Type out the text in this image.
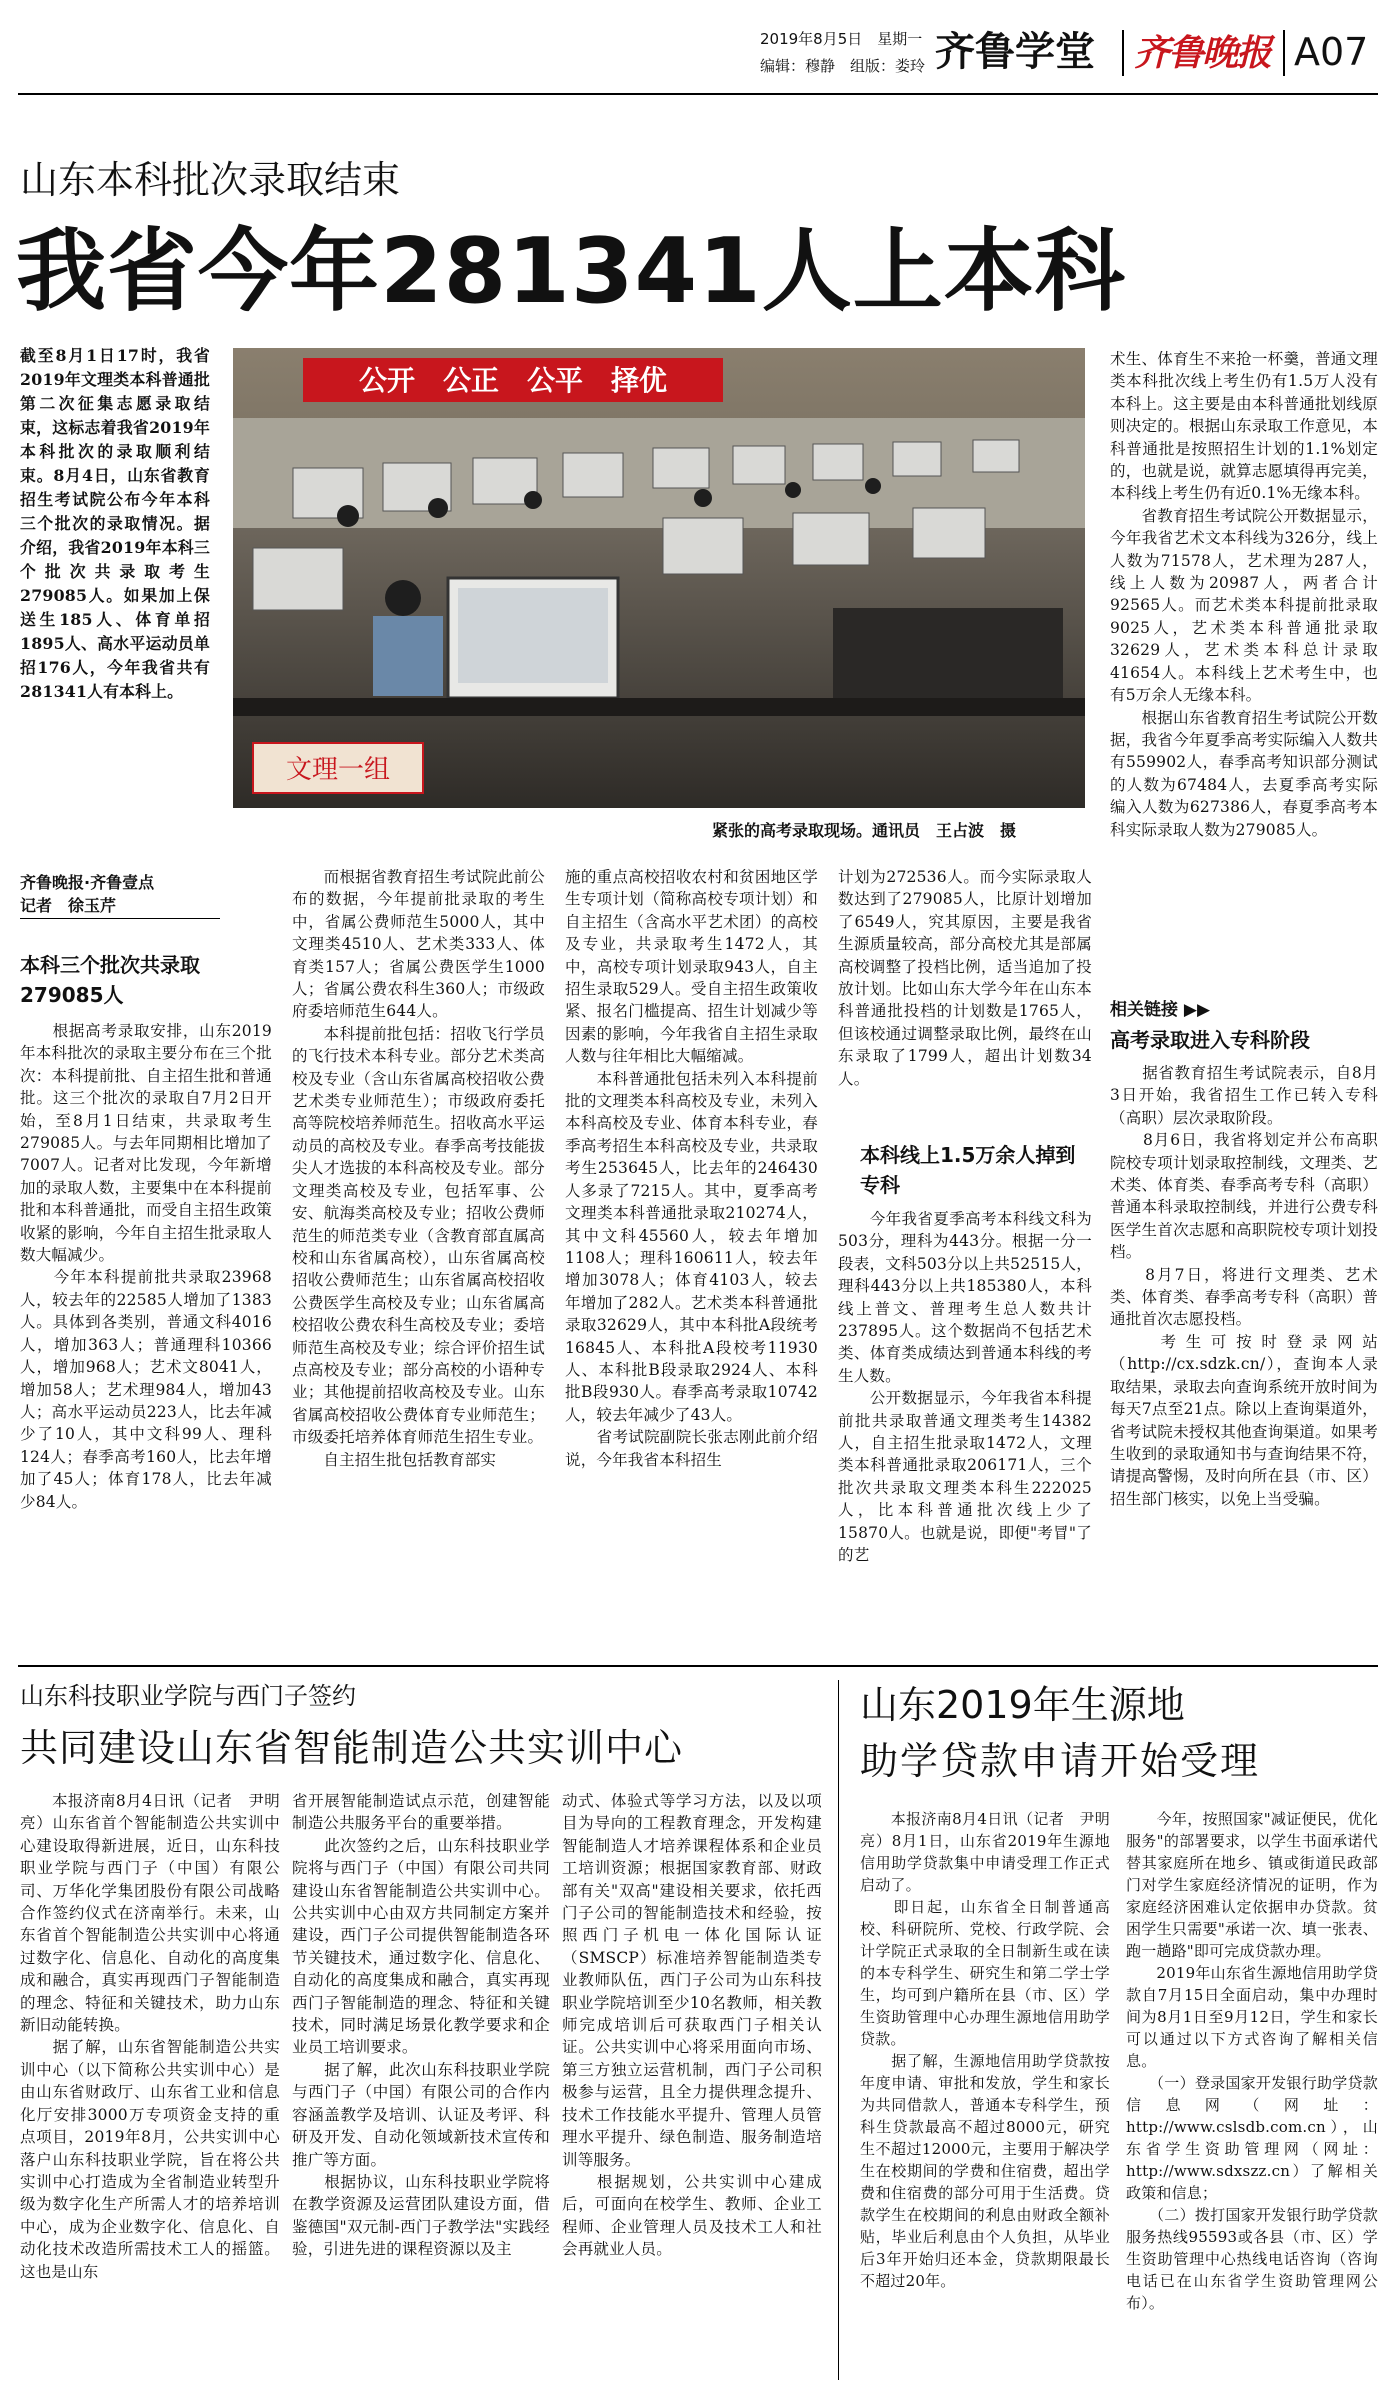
2019年8月5日　星期一
编辑：穆静　组版：娄玲 齐鲁学堂 齐鲁晚报 A07
山东本科批次录取结束
我省今年281341人上本科
截至8月1日17时，我省2019年文理类本科普通批第二次征集志愿录取结束，这标志着我省2019年本科批次的录取顺利结束。8月4日，山东省教育招生考试院公布今年本科三个批次的录取情况。据介绍，我省2019年本科三个批次共录取考生279085人。如果加上保送生185人、体育单招1895人、高水平运动员单招176人，今年我省共有281341人有本科上。
公开　公正　公平　择优
文理一组
紧张的高考录取现场。通讯员　王占波　摄
齐鲁晚报·齐鲁壹点
记者　徐玉芹
本科三个批次共录取279085人
　　根据高考录取安排，山东2019年本科批次的录取主要分布在三个批次：本科提前批、自主招生批和普通批。这三个批次的录取自7月2日开始，至8月1日结束，共录取考生279085人。与去年同期相比增加了7007人。记者对比发现，今年新增加的录取人数，主要集中在本科提前批和本科普通批，而受自主招生政策收紧的影响，今年自主招生批录取人数大幅减少。
　　今年本科提前批共录取23968人，较去年的22585人增加了1383人。具体到各类别，普通文科4016人，增加363人；普通理科10366人，增加968人；艺术文8041人，增加58人；艺术理984人，增加43人；高水平运动员223人，比去年减少了10人，其中文科99人、理科124人；春季高考160人，比去年增加了45人；体育178人，比去年减少84人。
　　而根据省教育招生考试院此前公布的数据，今年提前批录取的考生中，省属公费师范生5000人，其中文理类4510人、艺术类333人、体育类157人；省属公费医学生1000人；省属公费农科生360人；市级政府委培师范生644人。
　　本科提前批包括：招收飞行学员的飞行技术本科专业。部分艺术类高校及专业（含山东省属高校招收公费艺术类专业师范生）；市级政府委托高等院校培养师范生。招收高水平运动员的高校及专业。春季高考技能拔尖人才选拔的本科高校及专业。部分文理类高校及专业，包括军事、公安、航海类高校及专业；招收公费师范生的师范类专业（含教育部直属高校和山东省属高校），山东省属高校招收公费师范生；山东省属高校招收公费医学生高校及专业；山东省属高校招收公费农科生高校及专业；委培师范生高校及专业；综合评价招生试点高校及专业；部分高校的小语种专业；其他提前招收高校及专业。山东省属高校招收公费体育专业师范生；市级委托培养体育师范生招生专业。
　　自主招生批包括教育部实
施的重点高校招收农村和贫困地区学生专项计划（简称高校专项计划）和自主招生（含高水平艺术团）的高校及专业，共录取考生1472人，其中，高校专项计划录取943人，自主招生录取529人。受自主招生政策收紧、报名门槛提高、招生计划减少等因素的影响，今年我省自主招生录取人数与往年相比大幅缩减。
　　本科普通批包括未列入本科提前批的文理类本科高校及专业，未列入本科高校及专业、体育本科专业，春季高考招生本科高校及专业，共录取考生253645人，比去年的246430人多录了7215人。其中，夏季高考文理类本科普通批录取210274人，其中文科45560人，较去年增加1108人；理科160611人，较去年增加3078人；体育4103人，较去年增加了282人。艺术类本科普通批录取32629人，其中本科批A段统考16845人、本科批A段校考11930人、本科批B段录取2924人、本科批B段930人。春季高考录取10742人，较去年减少了43人。
　　省考试院副院长张志刚此前介绍说，今年我省本科招生
计划为272536人。而今实际录取人数达到了279085人，比原计划增加了6549人，究其原因，主要是我省生源质量较高，部分高校尤其是部属高校调整了投档比例，适当追加了投放计划。比如山东大学今年在山东本科普通批投档的计划数是1765人，但该校通过调整录取比例，最终在山东录取了1799人，超出计划数34人。
本科线上1.5万余人掉到专科
　　今年我省夏季高考本科线文科为503分，理科为443分。根据一分一段表，文科503分以上共52515人，理科443分以上共185380人，本科线上普文、普理考生总人数共计237895人。这个数据尚不包括艺术类、体育类成绩达到普通本科线的考生人数。
　　公开数据显示，今年我省本科提前批共录取普通文理类考生14382人，自主招生批录取1472人，文理类本科普通批录取206171人，三个批次共录取文理类本科生222025人，比本科普通批次线上少了15870人。也就是说，即便"考冒"了的艺
术生、体育生不来抢一杯羹，普通文理类本科批次线上考生仍有1.5万人没有本科上。这主要是由本科普通批划线原则决定的。根据山东录取工作意见，本科普通批是按照招生计划的1.1%划定的，也就是说，就算志愿填得再完美，本科线上考生仍有近0.1%无缘本科。
　　省教育招生考试院公开数据显示，今年我省艺术文本科线为326分，线上人数为71578人，艺术理为287人，线上人数为20987人，两者合计92565人。而艺术类本科提前批录取9025人，艺术类本科普通批录取32629人，艺术类本科总计录取41654人。本科线上艺术考生中，也有5万余人无缘本科。
　　根据山东省教育招生考试院公开数据，我省今年夏季高考实际编入人数共有559902人，春季高考知识部分测试的人数为67484人，去夏季高考实际编入人数为627386人，春夏季高考本科实际录取人数为279085人。
相关链接 ▶▶
高考录取进入专科阶段
　　据省教育招生考试院表示，自8月3日开始，我省招生工作已转入专科（高职）层次录取阶段。
　　8月6日，我省将划定并公布高职院校专项计划录取控制线，文理类、艺术类、体育类、春季高考专科（高职）普通本科录取控制线，并进行公费专科医学生首次志愿和高职院校专项计划投档。
　　8月7日，将进行文理类、艺术类、体育类、春季高考专科（高职）普通批首次志愿投档。
　　考生可按时登录网站（http://cx.sdzk.cn/），查询本人录取结果，录取去向查询系统开放时间为每天7点至21点。除以上查询渠道外，省考试院未授权其他查询渠道。如果考生收到的录取通知书与查询结果不符，请提高警惕，及时向所在县（市、区）招生部门核实，以免上当受骗。
山东科技职业学院与西门子签约
共同建设山东省智能制造公共实训中心
　　本报济南8月4日讯（记者　尹明亮）山东省首个智能制造公共实训中心建设取得新进展，近日，山东科技职业学院与西门子（中国）有限公司、万华化学集团股份有限公司战略合作签约仪式在济南举行。未来，山东省首个智能制造公共实训中心将通过数字化、信息化、自动化的高度集成和融合，真实再现西门子智能制造的理念、特征和关键技术，助力山东新旧动能转换。
　　据了解，山东省智能制造公共实训中心（以下简称公共实训中心）是由山东省财政厅、山东省工业和信息化厅安排3000万专项资金支持的重点项目，2019年8月，公共实训中心落户山东科技职业学院，旨在将公共实训中心打造成为全省制造业转型升级为数字化生产所需人才的培养培训中心，成为企业数字化、信息化、自动化技术改造所需技术工人的摇篮。这也是山东
省开展智能制造试点示范，创建智能制造公共服务平台的重要举措。
　　此次签约之后，山东科技职业学院将与西门子（中国）有限公司共同建设山东省智能制造公共实训中心。公共实训中心由双方共同制定方案并建设，西门子公司提供智能制造各环节关键技术，通过数字化、信息化、自动化的高度集成和融合，真实再现西门子智能制造的理念、特征和关键技术，同时满足场景化教学要求和企业员工培训要求。
　　据了解，此次山东科技职业学院与西门子（中国）有限公司的合作内容涵盖教学及培训、认证及考评、科研及开发、自动化领域新技术宣传和推广等方面。
　　根据协议，山东科技职业学院将在教学资源及运营团队建设方面，借鉴德国"双元制-西门子教学法"实践经验，引进先进的课程资源以及主
动式、体验式等学习方法，以及以项目为导向的工程教育理念，开发构建智能制造人才培养课程体系和企业员工培训资源；根据国家教育部、财政部有关"双高"建设相关要求，依托西门子公司的智能制造技术和经验，按照西门子机电一体化国际认证（SMSCP）标准培养智能制造类专业教师队伍，西门子公司为山东科技职业学院培训至少10名教师，相关教师完成培训后可获取西门子相关认证。公共实训中心将采用面向市场、第三方独立运营机制，西门子公司积极参与运营，且全力提供理念提升、技术工作技能水平提升、管理人员管理水平提升、绿色制造、服务制造培训等服务。
　　根据规划，公共实训中心建成后，可面向在校学生、教师、企业工程师、企业管理人员及技术工人和社会再就业人员。
山东2019年生源地
助学贷款申请开始受理
　　本报济南8月4日讯（记者　尹明亮）8月1日，山东省2019年生源地信用助学贷款集中申请受理工作正式启动了。
　　即日起，山东省全日制普通高校、科研院所、党校、行政学院、会计学院正式录取的全日制新生或在读的本专科学生、研究生和第二学士学生，均可到户籍所在县（市、区）学生资助管理中心办理生源地信用助学贷款。
　　据了解，生源地信用助学贷款按年度申请、审批和发放，学生和家长为共同借款人，普通本专科学生，预科生贷款最高不超过8000元，研究生不超过12000元，主要用于解决学生在校期间的学费和住宿费，超出学费和住宿费的部分可用于生活费。贷款学生在校期间的利息由财政全额补贴，毕业后利息由个人负担，从毕业后3年开始归还本金，贷款期限最长不超过20年。
　　今年，按照国家"减证便民，优化服务"的部署要求，以学生书面承诺代替其家庭所在地乡、镇或街道民政部门对学生家庭经济情况的证明，作为家庭经济困难认定依据申办贷款。贫困学生只需要"承诺一次、填一张表、跑一趟路"即可完成贷款办理。
　　2019年山东省生源地信用助学贷款自7月15日全面启动，集中办理时间为8月1日至9月12日，学生和家长可以通过以下方式咨询了解相关信息。
　　（一）登录国家开发银行助学贷款信息网（网址：http://www.cslsdb.com.cn），山东省学生资助管理网（网址：http://www.sdxszz.cn）了解相关政策和信息；
　　（二）拨打国家开发银行助学贷款服务热线95593或各县（市、区）学生资助管理中心热线电话咨询（咨询电话已在山东省学生资助管理网公布）。
